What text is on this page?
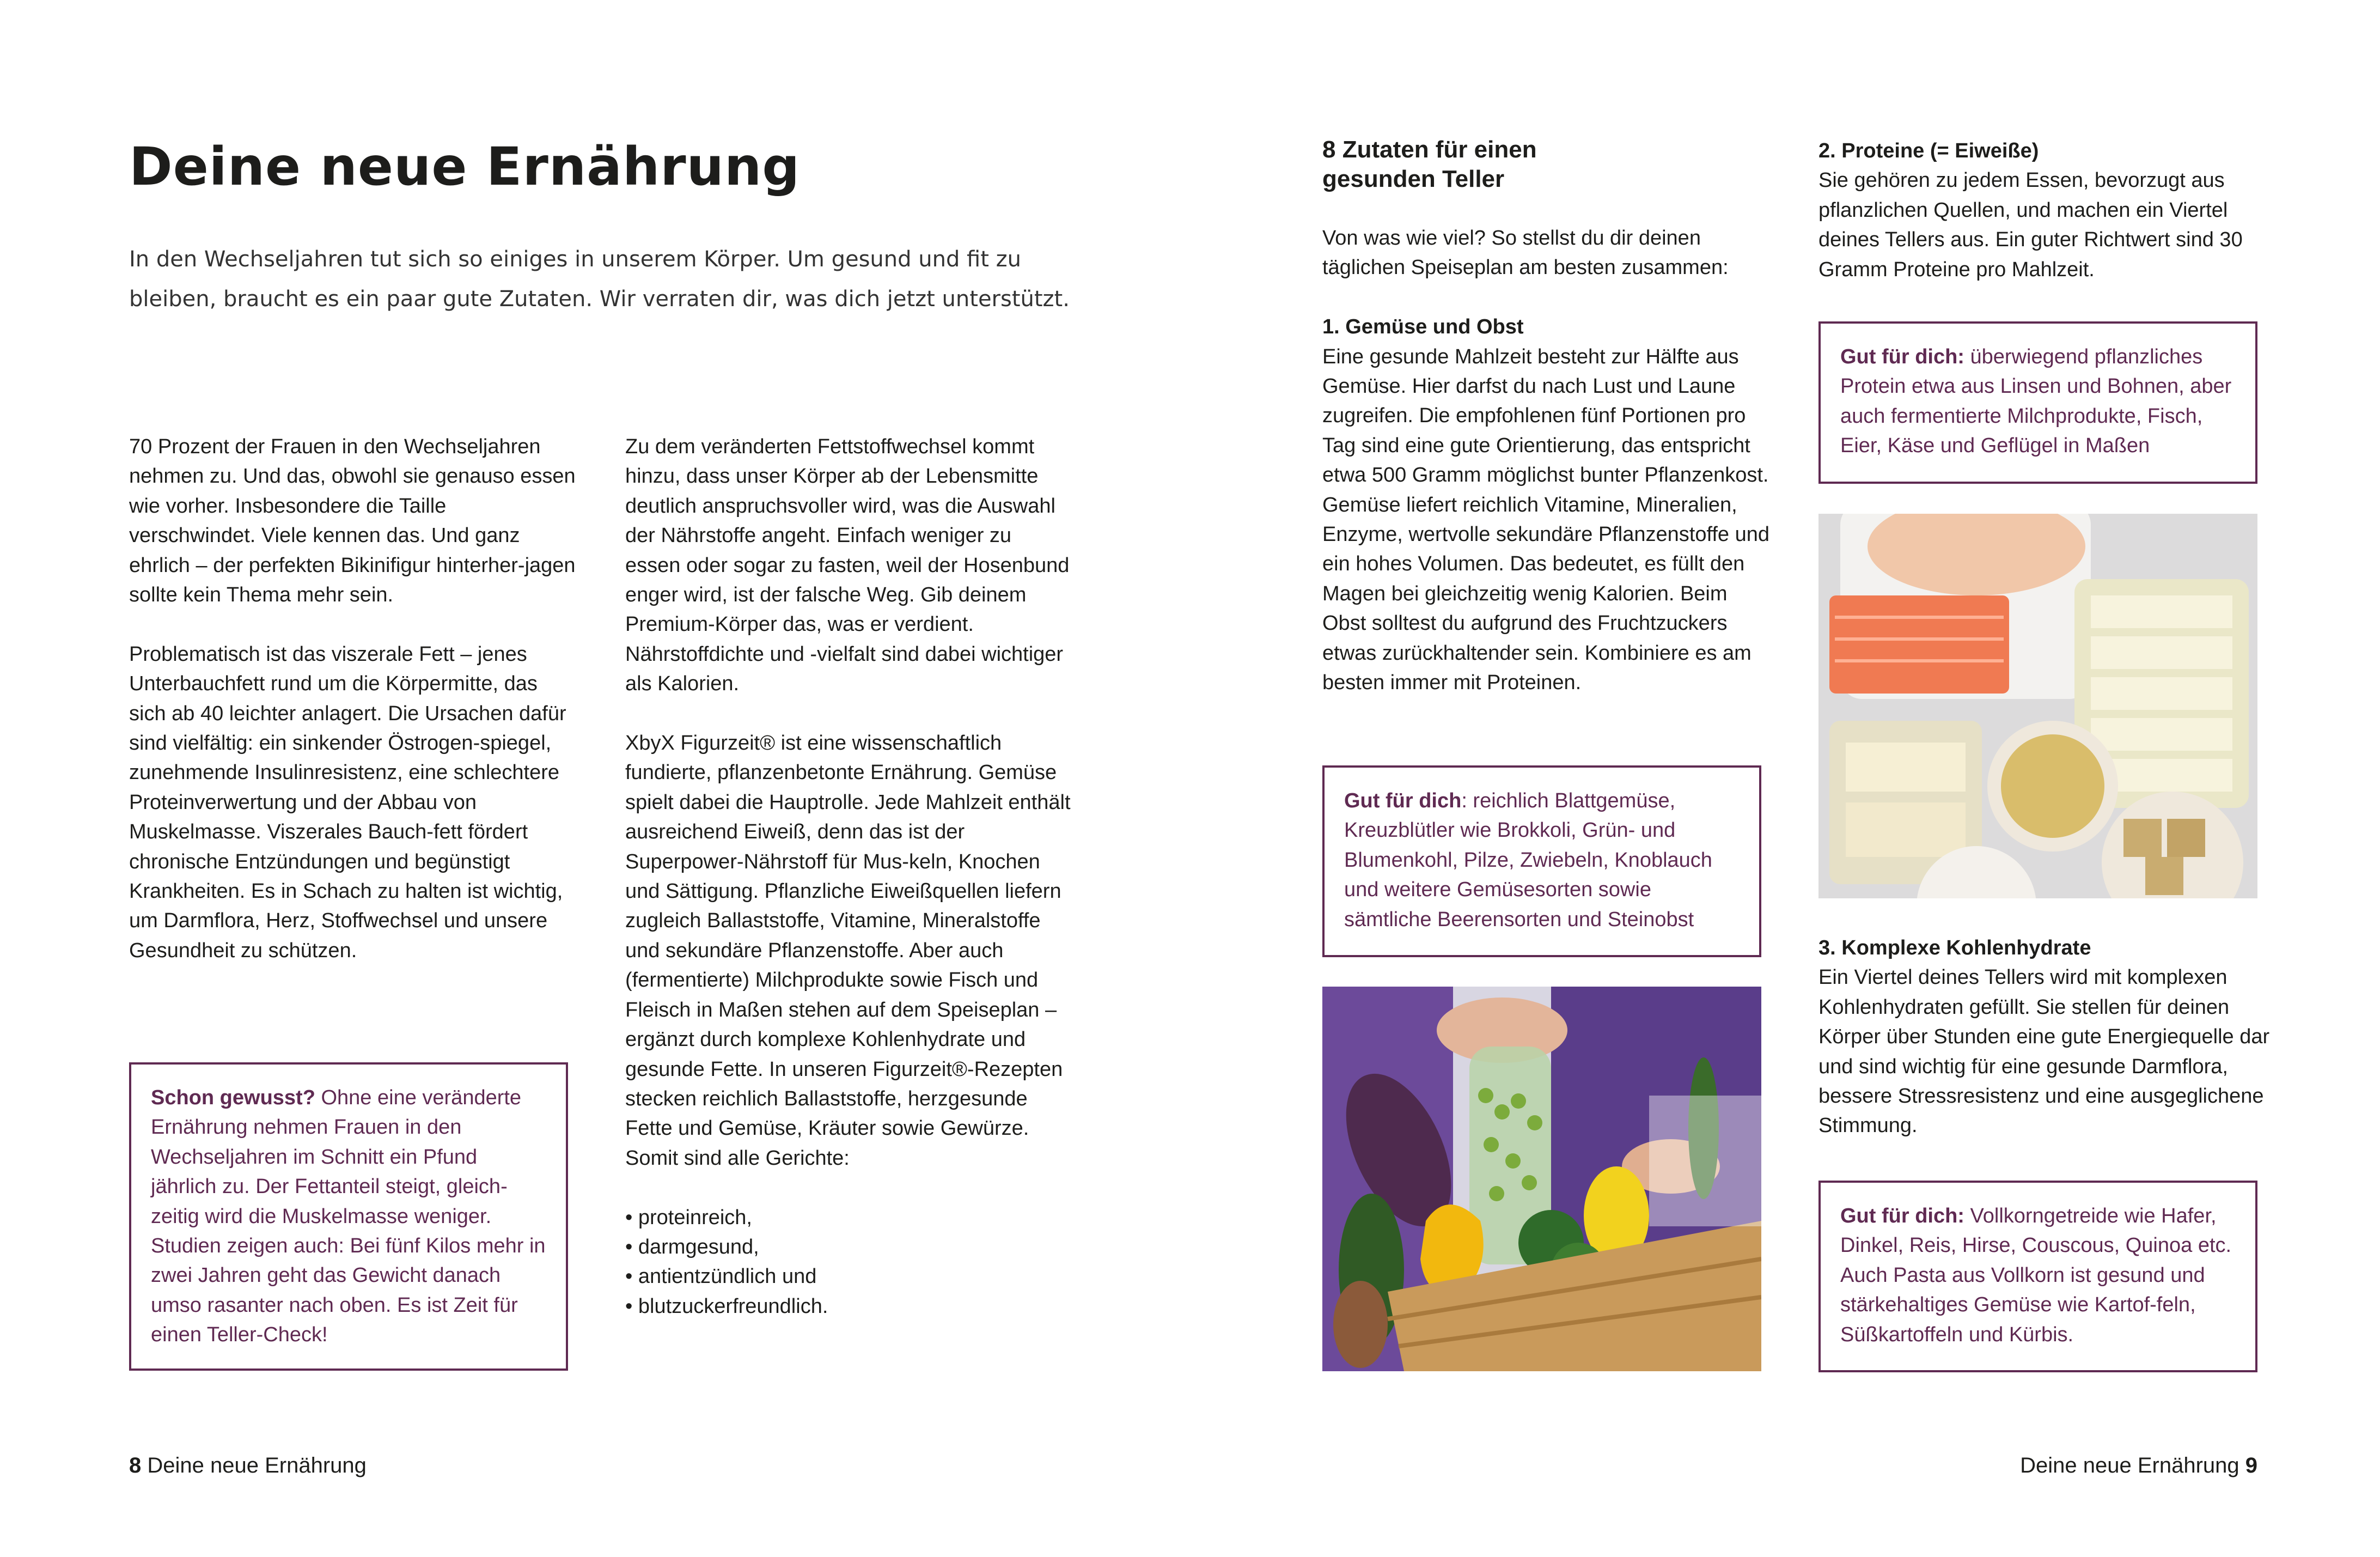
Deine neue Ernährung

In den Wechseljahren tut sich so einiges in unserem Körper. Um gesund und fit zu bleiben, braucht es ein paar gute Zutaten. Wir verraten dir, was dich jetzt unterstützt.

70 Prozent der Frauen in den Wechseljahren nehmen zu. Und das, obwohl sie genauso essen wie vorher. Insbesondere die Taille verschwindet. Viele kennen das. Und ganz ehrlich – der perfekten Bikinifigur hinterher-jagen sollte kein Thema mehr sein.

Problematisch ist das viszerale Fett – jenes Unterbauchfett rund um die Körpermitte, das sich ab 40 leichter anlagert. Die Ursachen dafür sind vielfältig: ein sinkender Östrogen-spiegel, zunehmende Insulinresistenz, eine schlechtere Proteinverwertung und der Abbau von Muskelmasse. Viszerales Bauch-fett fördert chronische Entzündungen und begünstigt Krankheiten. Es in Schach zu halten ist wichtig, um Darmflora, Herz, Stoffwechsel und unsere Gesundheit zu schützen.

Schon gewusst? Ohne eine veränderte Ernährung nehmen Frauen in den Wechseljahren im Schnitt ein Pfund jährlich zu. Der Fettanteil steigt, gleich-zeitig wird die Muskelmasse weniger. Studien zeigen auch: Bei fünf Kilos mehr in zwei Jahren geht das Gewicht danach umso rasanter nach oben. Es ist Zeit für einen Teller-Check!

Zu dem veränderten Fettstoffwechsel kommt hinzu, dass unser Körper ab der Lebensmitte deutlich anspruchsvoller wird, was die Auswahl der Nährstoffe angeht. Einfach weniger zu essen oder sogar zu fasten, weil der Hosenbund enger wird, ist der falsche Weg. Gib deinem Premium-Körper das, was er verdient. Nährstoffdichte und -vielfalt sind dabei wichtiger als Kalorien.

XbyX Figurzeit® ist eine wissenschaftlich fundierte, pflanzenbetonte Ernährung. Gemüse spielt dabei die Hauptrolle. Jede Mahlzeit enthält ausreichend Eiweiß, denn das ist der Superpower-Nährstoff für Mus-keln, Knochen und Sättigung. Pflanzliche Eiweißquellen liefern zugleich Ballaststoffe, Vitamine, Mineralstoffe und sekundäre Pflanzenstoffe. Aber auch (fermentierte) Milchprodukte sowie Fisch und Fleisch in Maßen stehen auf dem Speiseplan – ergänzt durch komplexe Kohlenhydrate und gesunde Fette. In unseren Figurzeit®-Rezepten stecken reichlich Ballaststoffe, herzgesunde Fette und Gemüse, Kräuter sowie Gewürze. Somit sind alle Gerichte:

• proteinreich,
• darmgesund,
• antientzündlich und
• blutzuckerfreundlich.
8 Deine neue Ernährung
8 Zutaten für einen
gesunden Teller

Von was wie viel? So stellst du dir deinen täglichen Speiseplan am besten zusammen:

1. Gemüse und Obst

Eine gesunde Mahlzeit besteht zur Hälfte aus Gemüse. Hier darfst du nach Lust und Laune zugreifen. Die empfohlenen fünf Portionen pro Tag sind eine gute Orientierung, das entspricht etwa 500 Gramm möglichst bunter Pflanzenkost. Gemüse liefert reichlich Vitamine, Mineralien, Enzyme, wertvolle sekundäre Pflanzenstoffe und ein hohes Volumen. Das bedeutet, es füllt den Magen bei gleichzeitig wenig Kalorien. Beim Obst solltest du aufgrund des Fruchtzuckers etwas zurückhaltender sein. Kombiniere es am besten immer mit Proteinen.

Gut für dich: reichlich Blattgemüse, Kreuzblütler wie Brokkoli, Grün- und Blumenkohl, Pilze, Zwiebeln, Knoblauch und weitere Gemüsesorten sowie sämtliche Beerensorten und Steinobst
2. Proteine (= Eiweiße)

Sie gehören zu jedem Essen, bevorzugt aus pflanzlichen Quellen, und machen ein Viertel deines Tellers aus. Ein guter Richtwert sind 30 Gramm Proteine pro Mahlzeit.

Gut für dich: überwiegend pflanzliches Protein etwa aus Linsen und Bohnen, aber auch fermentierte Milchprodukte, Fisch, Eier, Käse und Geflügel in Maßen
3. Komplexe Kohlenhydrate

Ein Viertel deines Tellers wird mit komplexen Kohlenhydraten gefüllt. Sie stellen für deinen Körper über Stunden eine gute Energiequelle dar und sind wichtig für eine gesunde Darmflora, bessere Stressresistenz und eine ausgeglichene Stimmung.

Gut für dich: Vollkorngetreide wie Hafer, Dinkel, Reis, Hirse, Couscous, Quinoa etc. Auch Pasta aus Vollkorn ist gesund und stärkehaltiges Gemüse wie Kartof-feln, Süßkartoffeln und Kürbis.
Deine neue Ernährung 9
